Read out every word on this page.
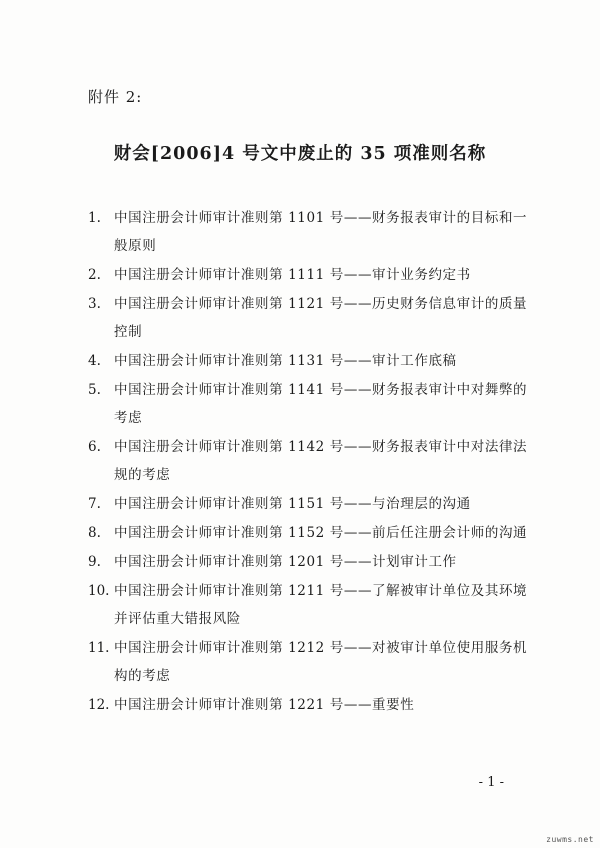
附件 2:
财会[2006]4 号文中废止的 35 项准则名称
1. 中国注册会计师审计准则第 1101 号——财务报表审计的目标和一般原则
2. 中国注册会计师审计准则第 1111 号——审计业务约定书
3. 中国注册会计师审计准则第 1121 号——历史财务信息审计的质量控制
4. 中国注册会计师审计准则第 1131 号——审计工作底稿
5. 中国注册会计师审计准则第 1141 号——财务报表审计中对舞弊的考虑
6. 中国注册会计师审计准则第 1142 号——财务报表审计中对法律法规的考虑
7. 中国注册会计师审计准则第 1151 号——与治理层的沟通
8. 中国注册会计师审计准则第 1152 号——前后任注册会计师的沟通
9. 中国注册会计师审计准则第 1201 号——计划审计工作
10. 中国注册会计师审计准则第 1211 号——了解被审计单位及其环境并评估重大错报风险
11. 中国注册会计师审计准则第 1212 号——对被审计单位使用服务机构的考虑
12. 中国注册会计师审计准则第 1221 号——重要性
- 1 -
zuwms.net
